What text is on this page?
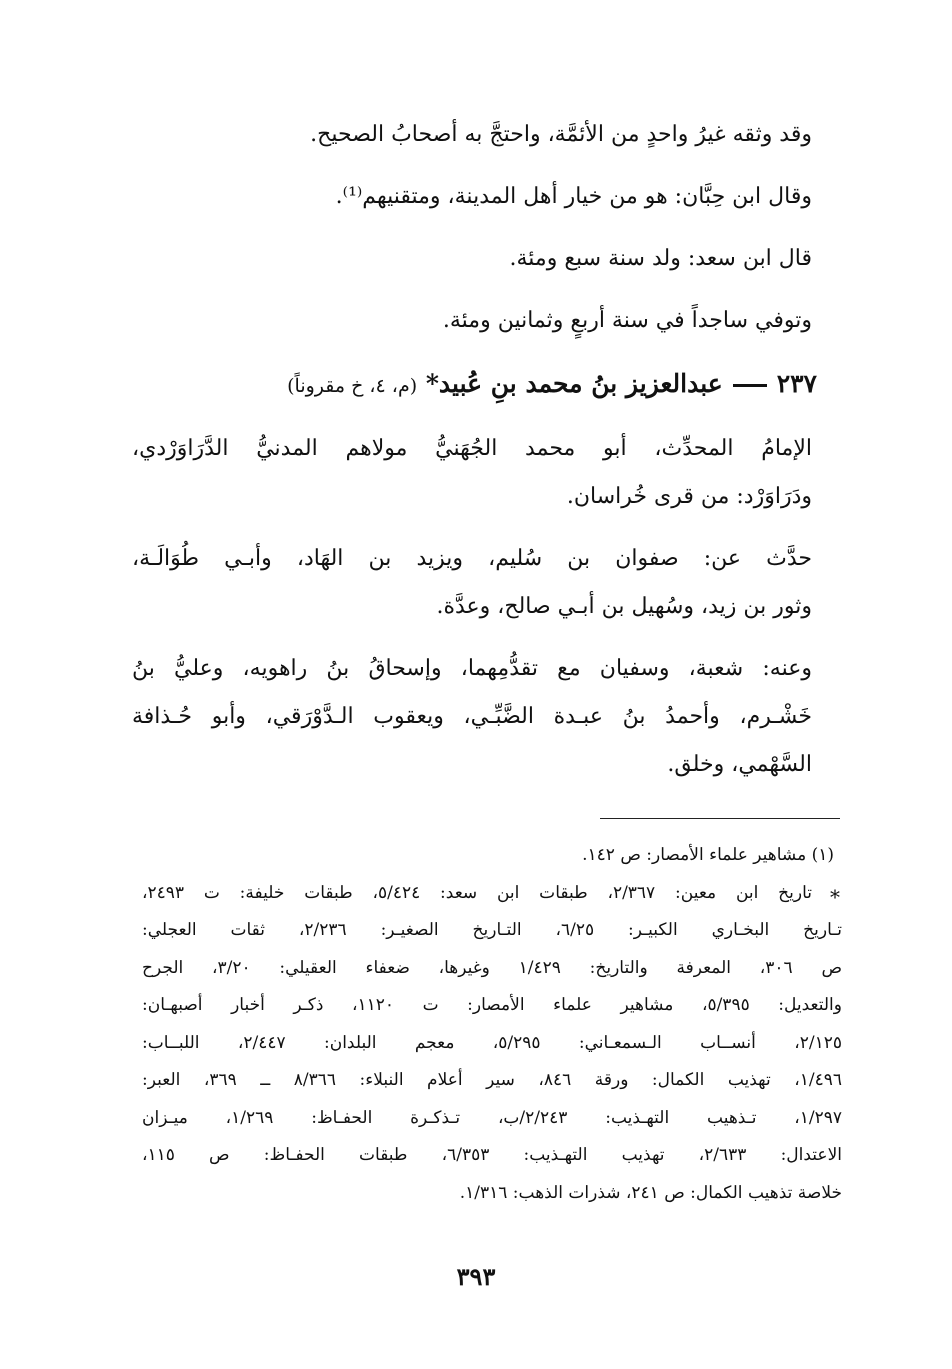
وقد وثقه غيرُ واحدٍ من الأئمَّة، واحتجَّ به أصحابُ الصحيح.
وقال ابن حِبَّان: هو من خيار أهل المدينة، ومتقنيهم⁽¹⁾.
قال ابن سعد: ولد سنة سبع ومئة.
وتوفي ساجداً في سنة أربعٍ وثمانين ومئة.
٢٣٧عبدالعزيز بنُ محمد بنِ عُبيد* (م، ٤، خ مقروناً)
الإمامُ المحدِّث، أبو محمد الجُهَنيُّ مولاهم المدنيُّ الدَّرَاوَرْدي،
ودَرَاوَرْد: من قرى خُراسان.
حدَّث عن: صفوان بن سُليم، ويزيد بن الهَاد، وأبـي طُوَالَـة،
وثور بن زيد، وسُهيل بن أبـي صالح، وعدَّة.
وعنه: شعبة، وسفيان مع تقدُّمِهما، وإسحاقُ بنُ راهويه، وعليُّ بنُ
خَشْـرم، وأحمدُ بنُ عبـدة الضَّبِّـي، ويعقوب الـدَّوْرَقي، وأبو حُـذافة
السَّهْمي، وخلق.
(١) مشاهير علماء الأمصار: ص ١٤٢.
*
تاريخ ابن معين: ٢/٣٦٧، طبقات ابن سعد: ٥/٤٢٤، طبقات خليفة: ت ٢٤٩٣،
تـاريخ البخـاري الكبيـر: ٦/٢٥، التـاريخ الصغيـر: ٢/٢٣٦، ثقات العجلي:
ص ٣٠٦، المعرفة والتاريخ: ١/٤٢٩ وغيرها، ضعفاء العقيلي: ٣/٢٠، الجرح
والتعديل: ٥/٣٩٥، مشاهير علماء الأمصار: ت ١١٢٠، ذكـر أخبار أصبهـان:
٢/١٢٥، أنســاب الـسمعـاني: ٥/٢٩٥، معجم البلدان: ٢/٤٤٧، اللبــاب:
١/٤٩٦، تهذيب الكمال: ورقة ٨٤٦، سير أعلام النبلاء: ٨/٣٦٦ ــ ٣٦٩، العبر:
١/٢٩٧، تـذهيب التهـذيب: ٢/٢٤٣/ب، تـذكـرة الحفـاظ: ١/٢٦٩، ميـزان
الاعتدال: ٢/٦٣٣، تهذيب التهـذيب: ٦/٣٥٣، طبقات الحفـاظ: ص ١١٥،
خلاصة تذهيب الكمال: ص ٢٤١، شذرات الذهب: ١/٣١٦.
٣٩٣
